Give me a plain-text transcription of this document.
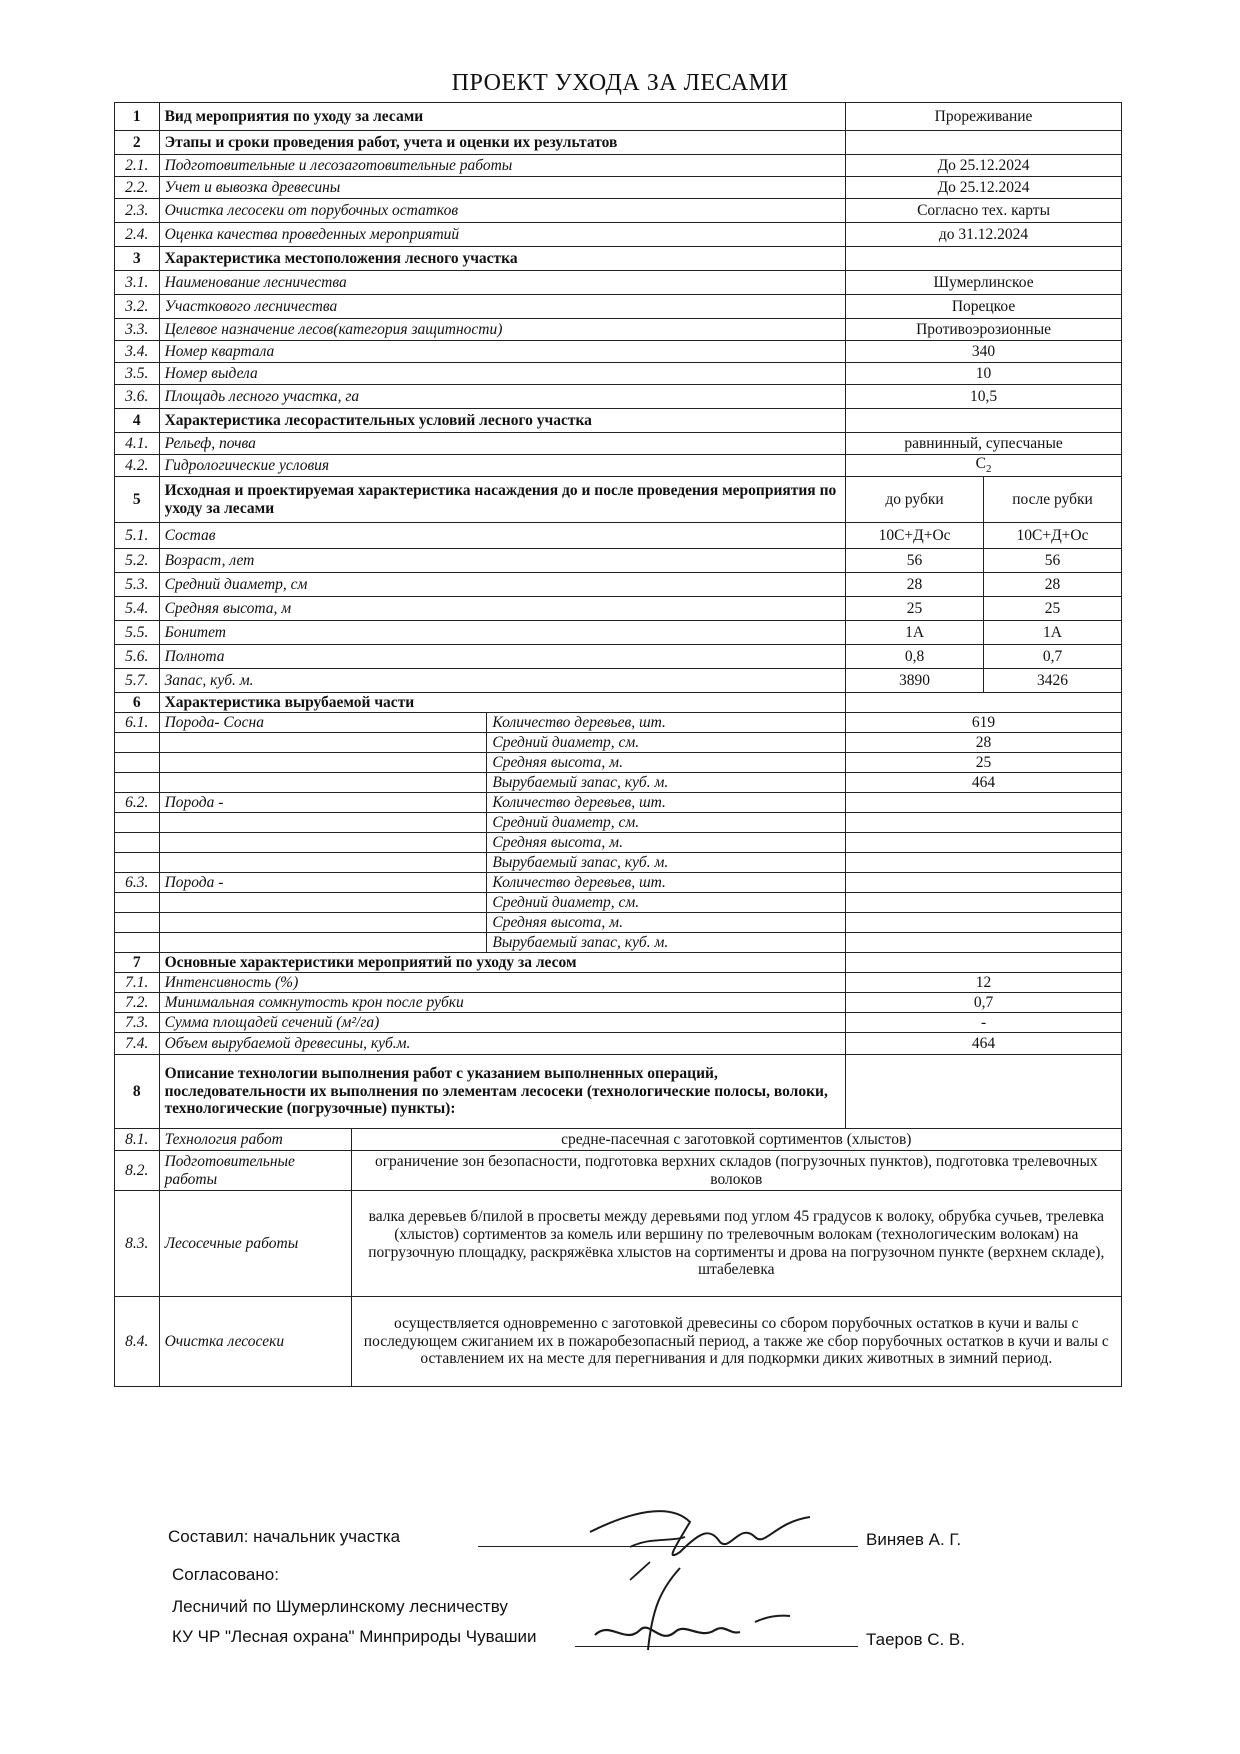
ПРОЕКТ УХОДА ЗА ЛЕСАМИ
1	Вид мероприятия по уходу за лесами			Прореживание	
2	Этапы и сроки проведения работ, учета и оценки их результатов				
2.1.	Подготовительные и лесозаготовительные работы			До 25.12.2024	
2.2.	Учет и вывозка древесины			До 25.12.2024	
2.3.	Очистка лесосеки от порубочных остатков			Согласно тех. карты	
2.4.	Оценка качества проведенных мероприятий			до 31.12.2024	
3	Характеристика местоположения лесного участка				
3.1.	Наименование лесничества			Шумерлинское	
3.2.	Участкового лесничества			Порецкое	
3.3.	Целевое назначение лесов(категория защитности)			Противоэрозионные	
3.4.	Номер квартала			340	
3.5.	Номер выдела			10	
3.6.	Площадь лесного участка, га			10,5	
4	Характеристика лесорастительных условий лесного участка				
4.1.	Рельеф, почва			равнинный, супесчаные	
4.2.	Гидрологические условия			$C_2$
5	Исходная и проектируемая характеристика насаждения до и после проведения мероприятия по уходу за лесами			до рубки	после рубки
5.1.	Состав			10С+Д+Ос	10С+Д+Ос
5.2.	Возраст, лет			56	56
5.3.	Средний диаметр, см			28	28
5.4.	Средняя высота, м			25	25
5.5.	Бонитет			1А	1А
5.6.	Полнота			0,8	0,7
5.7.	Запас, куб. м.			3890	3426
6	Характеристика вырубаемой части				
6.1.	Порода- Сосна		Количество деревьев, шт.	619	
			Средний диаметр, см.	28	
			Средняя высота, м.	25	
			Вырубаемый запас, куб. м.	464	
6.2.	Порода -		Количество деревьев, шт.		
			Средний диаметр, см.		
			Средняя высота, м.		
			Вырубаемый запас, куб. м.		
6.3.	Порода -		Количество деревьев, шт.		
			Средний диаметр, см.		
			Средняя высота, м.		
			Вырубаемый запас, куб. м.		
7	Основные характеристики мероприятий по уходу за лесом				
7.1.	Интенсивность (%)			12	
7.2.	Минимальная сомкнутость крон после рубки			0,7	
7.3.	Сумма площадей сечений (м²/га)			-	
7.4.	Объем вырубаемой древесины, куб.м.			464	
8	Описание технологии выполнения работ с указанием выполненных операций, последовательности их выполнения по элементам лесосеки (технологические полосы, волоки, технологические (погрузочные) пункты):				
8.1.	Технология работ	средне-пасечная с заготовкой сортиментов (хлыстов)			
8.2.	Подготовительные работы	ограничение зон безопасности, подготовка верхних складов (погрузочных пунктов), подготовка трелевочных волоков			
8.3.	Лесосечные работы	валка деревьев б/пилой в просветы между деревьями под углом 45 градусов к волоку, обрубка сучьев, трелевка (хлыстов) сортиментов за комель или вершину по трелевочным волокам (технологическим волокам) на погрузочную площадку, раскряжёвка хлыстов на сортименты и дрова на погрузочном пункте (верхнем складе), штабелевка			
8.4.	Очистка лесосеки	осуществляется одновременно с заготовкой древесины со сбором порубочных остатков в кучи и валы с последующем сжиганием их в пожаробезопасный период, а также же сбор порубочных остатков в кучи и валы с оставлением их на месте для перегнивания и для подкормки диких животных в зимний период.			
Составил: начальник участка	Виняев А. Г.
Согласовано:
Лесничий по Шумерлинскому лесничеству
КУ ЧР "Лесная охрана" Минприроды Чувашии	Таеров С. В.
